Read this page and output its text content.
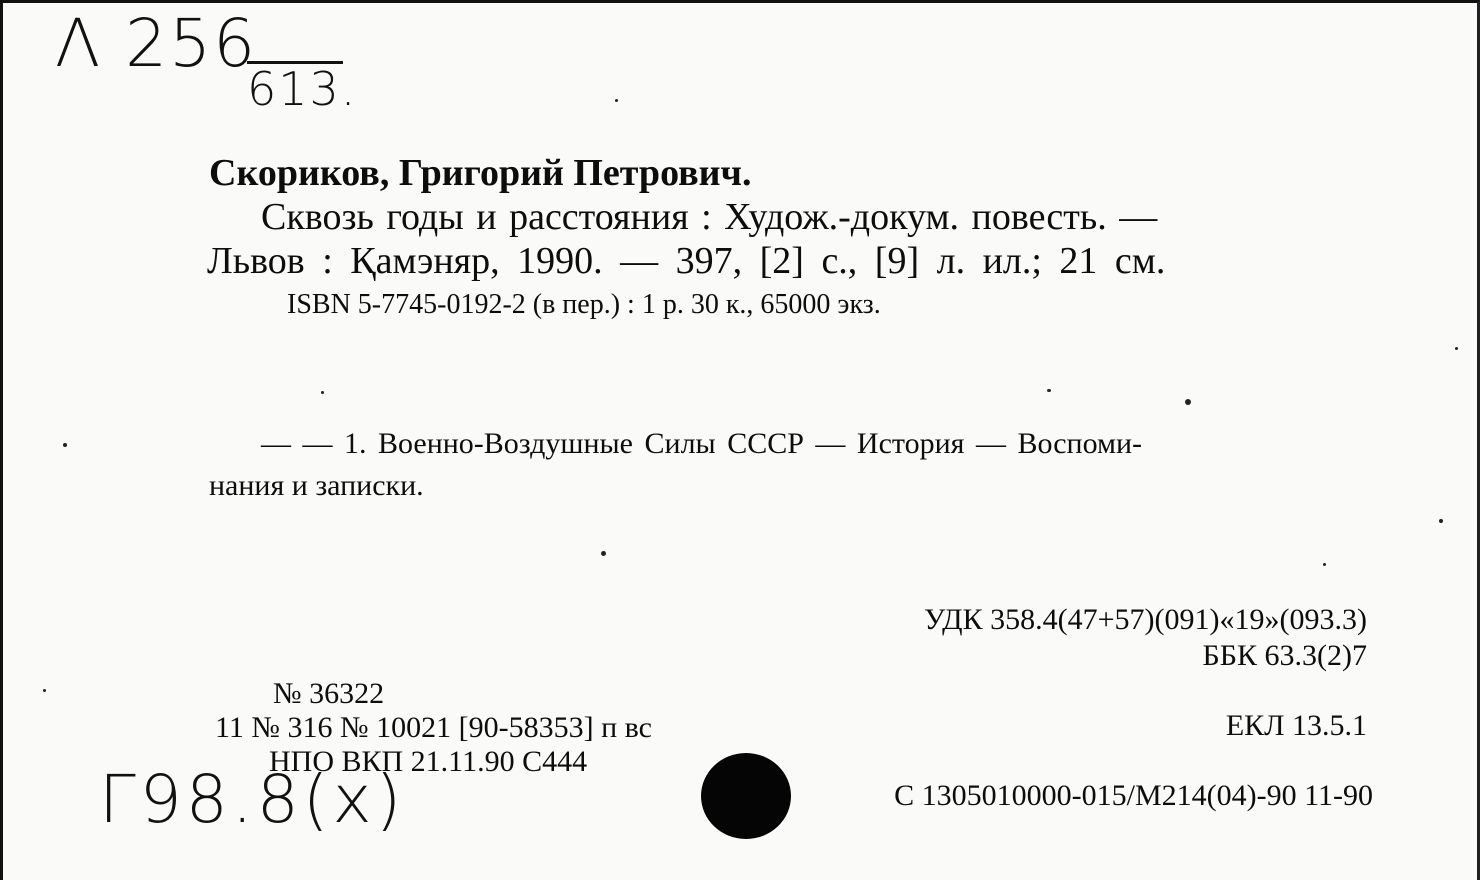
Λ 256
613.
Скориков, Григорий Петрович.
Сквозь годы и расстояния : Худож.-докум. повесть. —
Львов : Қамэняр, 1990. — 397, [2] с., [9] л. ил.; 21 см.
ISBN 5-7745-0192-2 (в пер.) : 1 р. 30 к., 65000 экз.
— — 1. Военно-Воздушные Силы СССР — История — Воспоми-
нания и записки.
УДК 358.4(47+57)(091)«19»(093.3)
ББК 63.3(2)7
ЕКЛ 13.5.1
№ 36322
11 № 316 № 10021 [90-58353] п вс
НПО ВКП 21.11.90 С444
С 1305010000-015/М214(04)-90 11-90
Г98.8(х)
